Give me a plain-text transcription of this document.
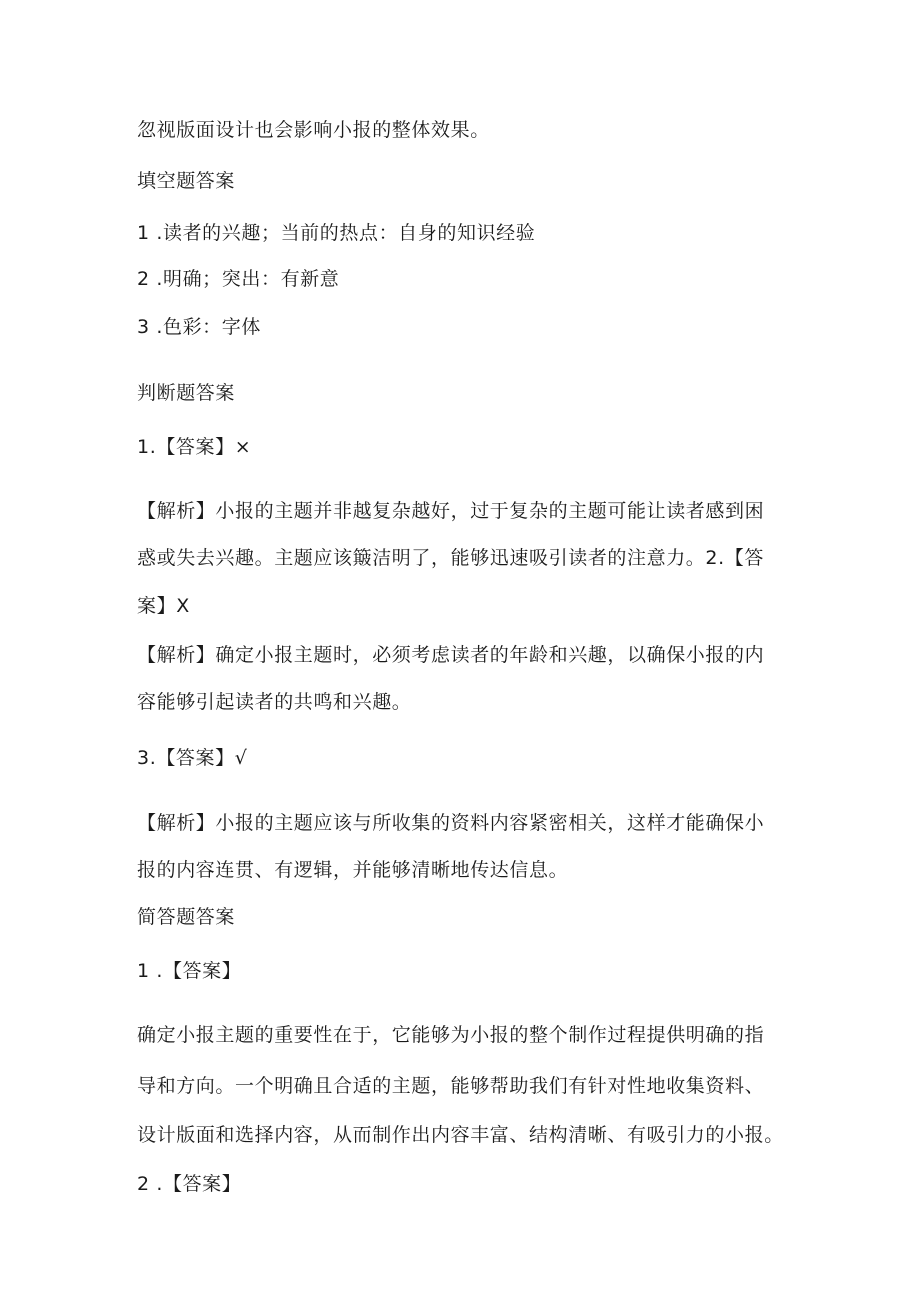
忽视版面设计也会影响小报的整体效果。
填空题答案
1 .读者的兴趣；当前的热点：自身的知识经验
2 .明确；突出：有新意
3 .色彩：字体
判断题答案
1.【答案】×
【解析】小报的主题并非越复杂越好，过于复杂的主题可能让读者感到困
惑或失去兴趣。主题应该簸洁明了，能够迅速吸引读者的注意力。2.【答
案】X
【解析】确定小报主题时，必须考虑读者的年龄和兴趣，以确保小报的内
容能够引起读者的共鸣和兴趣。
3.【答案】√
【解析】小报的主题应该与所收集的资料内容紧密相关，这样才能确保小
报的内容连贯、有逻辑，并能够清晰地传达信息。
简答题答案
1 .【答案】
确定小报主题的重要性在于，它能够为小报的整个制作过程提供明确的指
导和方向。一个明确且合适的主题，能够帮助我们有针对性地收集资料、
设计版面和选择内容，从而制作出内容丰富、结构清晰、有吸引力的小报。
2 .【答案】
